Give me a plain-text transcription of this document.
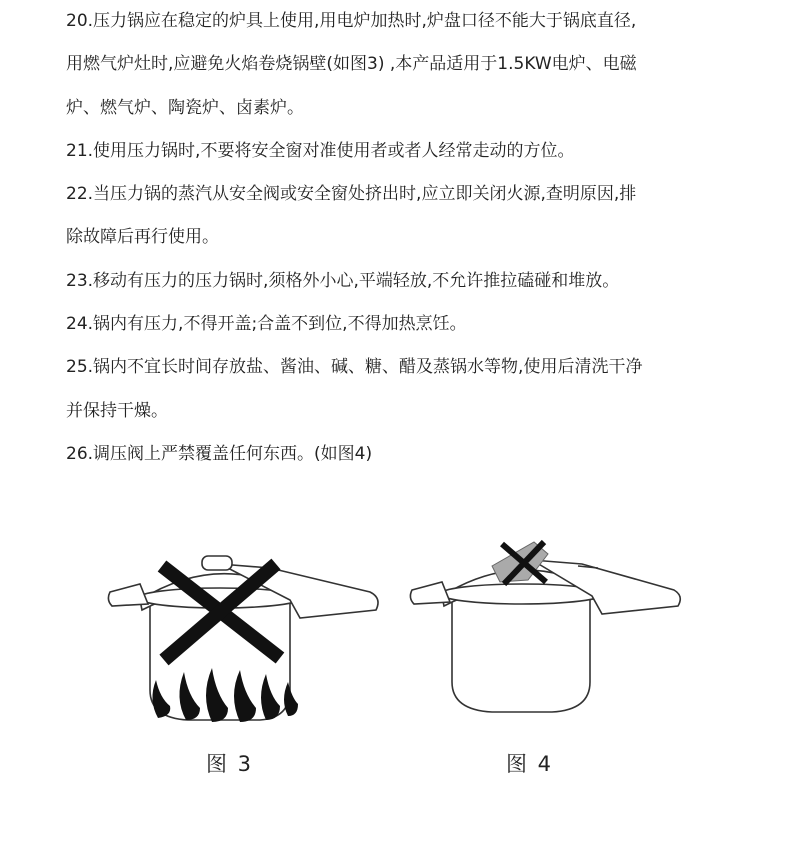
20.压力锅应在稳定的炉具上使用,用电炉加热时,炉盘口径不能大于锅底直径,
用燃气炉灶时,应避免火焰卷烧锅壁(如图3) ,本产品适用于1.5KW电炉、电磁
炉、燃气炉、陶瓷炉、卤素炉。

21.使用压力锅时,不要将安全窗对准使用者或者人经常走动的方位。

22.当压力锅的蒸汽从安全阀或安全窗处挤出时,应立即关闭火源,查明原因,排
除故障后再行使用。

23.移动有压力的压力锅时,须格外小心,平端轻放,不允许推拉磕碰和堆放。

24.锅内有压力,不得开盖;合盖不到位,不得加热烹饪。

25.锅内不宜长时间存放盐、酱油、碱、糖、醋及蒸锅水等物,使用后清洗干净
并保持干燥。

26.调压阀上严禁覆盖任何东西。(如图4)

图 3	图 4
